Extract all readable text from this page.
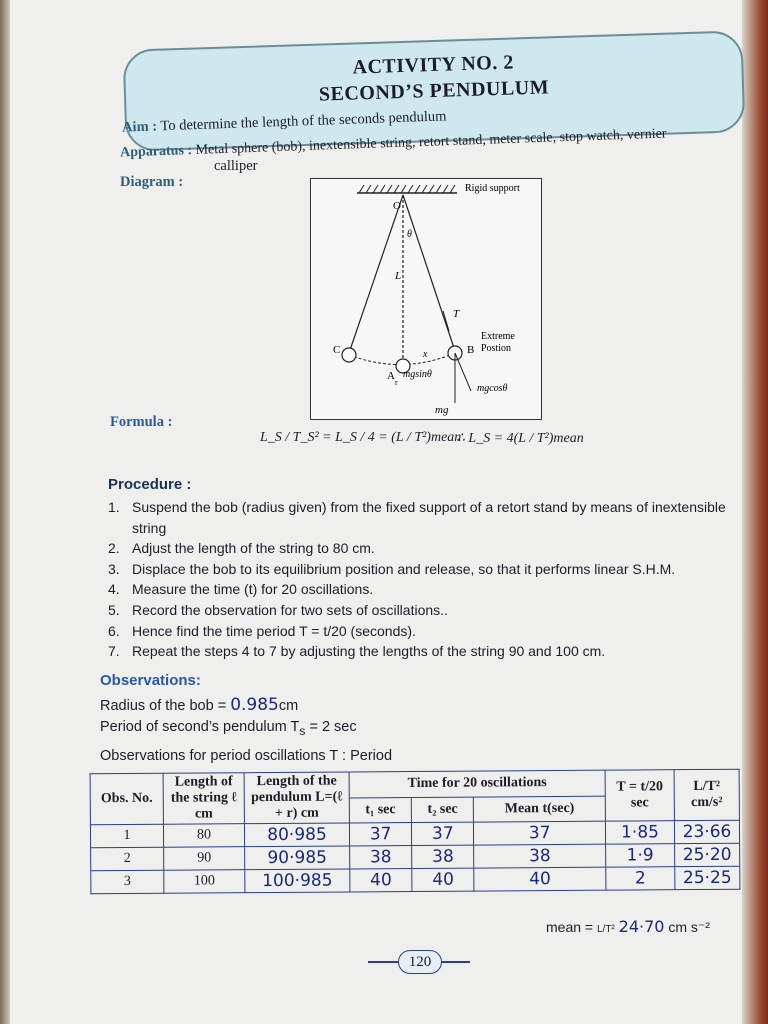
ACTIVITY NO. 2
SECOND’S PENDULUM
Aim : To determine the length of the seconds pendulum
Apparatus : Metal sphere (bob), inextensible string, retort stand, meter scale, stop watch, vernier
calliper
Diagram :	Rigid support
O
θ
L
T
Extreme
Postion
B
C	x
A
r
mgsinθ
mgcosθ
mg
Formula :
L_S / T_S² = L_S / 4 = (L / T²)mean
∴ L_S = 4(L / T²)mean
Procedure :
1. Suspend the bob (radius given) from the fixed support of a retort stand by means of inextensible
string
2. Adjust the length of the string to 80 cm.
3. Displace the bob to its equilibrium position and release, so that it performs linear S.H.M.
4. Measure the time (t) for 20 oscillations.
5. Record the observation for two sets of oscillations..
6. Hence find the time period T = t/20 (seconds).
7. Repeat the steps 4 to 7 by adjusting the lengths of the string 90 and 100 cm.
Observations:
Radius of the bob = 0.985cm
Period of second’s pendulum $T_s = 2$ sec
Observations for period oscillations T : Period
Obs. No.	Length of the string ℓ cm	Length of the pendulum L=(ℓ + r) cm	Time for 20 oscillations			T = t/20 sec	L/T² cm/s²
			t₁ sec	t₂ sec	Mean t(sec)		
1	80	80·985	37	37	37	1·85	23·66
2	90	90·985	38	38	38	1·9	25·20
3	100	100·985	40	40	40	2	25·25
mean = L/T² 24·70 cm s⁻²
120
